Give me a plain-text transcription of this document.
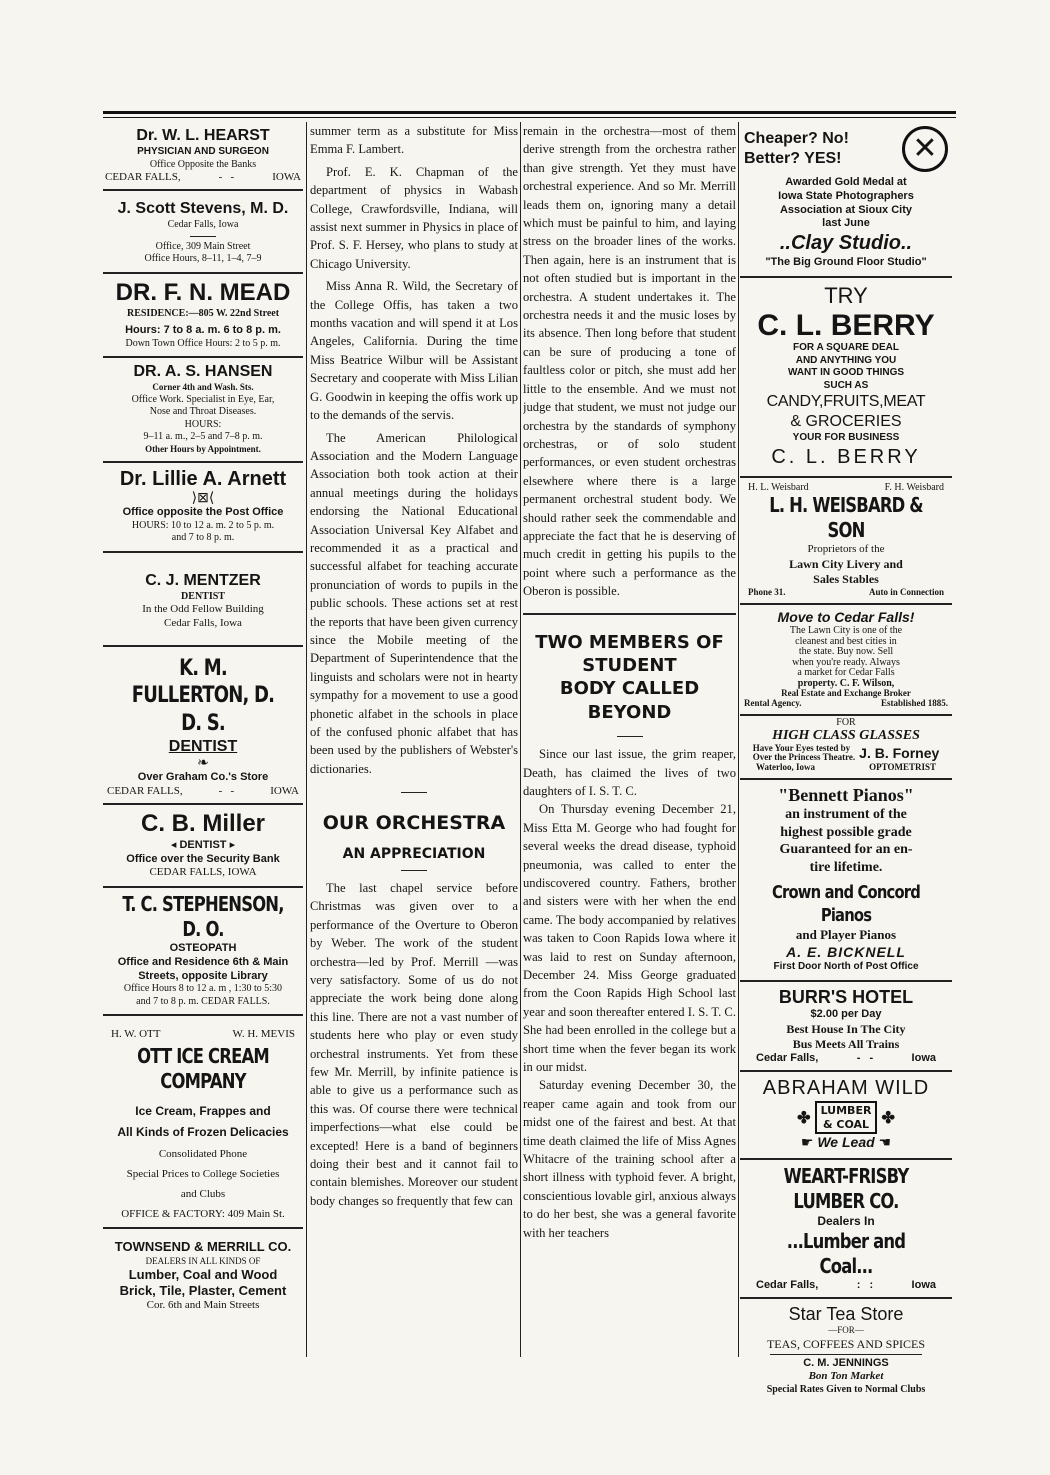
Dr. W. L. HEARST
PHYSICIAN AND SURGEON
Office Opposite the Banks
CEDAR FALLS,	-   -	IOWA
J. Scott Stevens, M. D.
Cedar Falls, Iowa
Office, 309 Main Street
Office Hours, 8–11, 1–4, 7–9
DR. F. N. MEAD
RESIDENCE:—805 W. 22nd Street
Hours: 7 to 8 a. m. 6 to 8 p. m.
Down Town Office Hours: 2 to 5 p. m.
DR. A. S. HANSEN
Corner 4th and Wash. Sts.
Office Work. Specialist in Eye, Ear,
Nose and Throat Diseases.
HOURS:
9–11 a. m., 2–5 and 7–8 p. m.
Other Hours by Appointment.
Dr. Lillie A. Arnett
⟩⊠⟨
Office opposite the Post Office
HOURS: 10 to 12 a. m. 2 to 5 p. m.
and 7 to 8 p. m.
C. J. MENTZER
DENTIST
In the Odd Fellow Building
Cedar Falls, Iowa
K. M. FULLERTON, D. D. S.
DENTIST
❧
Over Graham Co.'s Store
CEDAR FALLS,	-   -	IOWA
C. B. Miller
◂ DENTIST ▸
Office over the Security Bank
CEDAR FALLS, IOWA
T. C. STEPHENSON, D. O.
OSTEOPATH
Office and Residence 6th & Main
Streets, opposite Library
Office Hours 8 to 12 a. m , 1:30 to 5:30
and 7 to 8 p. m. CEDAR FALLS.
H. W. OTT	W. H. MEVIS
OTT ICE CREAM COMPANY
Ice Cream, Frappes and
All Kinds of Frozen Delicacies
Consolidated Phone
Special Prices to College Societies
and Clubs
OFFICE & FACTORY: 409 Main St.
TOWNSEND & MERRILL CO.
DEALERS IN ALL KINDS OF
Lumber, Coal and Wood
Brick, Tile, Plaster, Cement
Cor. 6th and Main Streets

summer term as a substitute for Miss Emma F. Lambert.

Prof. E. K. Chapman of the department of physics in Wabash College, Crawfordsville, Indiana, will assist next summer in Physics in place of Prof. S. F. Hersey, who plans to study at Chicago University.

Miss Anna R. Wild, the Secretary of the College Offis, has taken a two months vacation and will spend it at Los Angeles, California. During the time Miss Beatrice Wilbur will be Assistant Secretary and cooperate with Miss Lilian G. Goodwin in keeping the offis work up to the demands of the servis.

The American Philological Association and the Modern Language Association both took action at their annual meetings during the holidays endorsing the National Educational Association Universal Key Alfabet and recommended it as a practical and successful alfabet for teaching accurate pronunciation of words to pupils in the public schools. These actions set at rest the reports that have been given currency since the Mobile meeting of the Department of Superintendence that the linguists and scholars were not in hearty sympathy for a movement to use a good phonetic alfabet in the schools in place of the confused phonic alfabet that has been used by the publishers of Webster's dictionaries.

OUR ORCHESTRA
AN APPRECIATION

The last chapel service before Christmas was given over to a performance of the Overture to Oberon by Weber. The work of the student orchestra—led by Prof. Merrill —was very satisfactory. Some of us do not appreciate the work being done along this line. There are not a vast number of students here who play or even study orchestral instruments. Yet from these few Mr. Merrill, by infinite patience is able to give us a performance such as this was. Of course there were technical imperfections—what else could be excepted! Here is a band of beginners doing their best and it cannot fail to contain blemishes. Moreover our student body changes so frequently that few can

remain in the orchestra—most of them derive strength from the orchestra rather than give strength. Yet they must have orchestral experience. And so Mr. Merrill leads them on, ignoring many a detail which must be painful to him, and laying stress on the broader lines of the works. Then again, here is an instrument that is not often studied but is important in the orchestra. A student undertakes it. The orchestra needs it and the music loses by its absence. Then long before that student can be sure of producing a tone of faultless color or pitch, she must add her little to the ensemble. And we must not judge that student, we must not judge our orchestra by the standards of symphony orchestras, or of solo student performances, or even student orchestras elsewhere where there is a large permanent orchestral student body. We should rather seek the commendable and appreciate the fact that he is deserving of much credit in getting his pupils to the point where such a performance as the Oberon is possible.

TWO MEMBERS OF STUDENT
BODY CALLED BEYOND

Since our last issue, the grim reaper, Death, has claimed the lives of two daughters of I. S. T. C.

On Thursday evening December 21, Miss Etta M. George who had fought for several weeks the dread disease, typhoid pneumonia, was called to enter the undiscovered country. Fathers, brother and sisters were with her when the end came. The body accompanied by relatives was taken to Coon Rapids Iowa where it was laid to rest on Sunday afternoon, December 24. Miss George graduated from the Coon Rapids High School last year and soon thereafter entered I. S. T. C. She had been enrolled in the college but a short time when the fever began its work in our midst.

Saturday evening December 30, the reaper came again and took from our midst one of the fairest and best. At that time death claimed the life of Miss Agnes Whitacre of the training school after a short illness with typhoid fever. A bright, conscientious lovable girl, anxious always to do her best, she was a general favorite with her teachers

Cheaper? No!
Better? YES! ✕
Awarded Gold Medal at
Iowa State Photographers
Association at Sioux City
last June
..Clay Studio..
"The Big Ground Floor Studio"
TRY
C. L. BERRY
FOR A SQUARE DEAL
AND ANYTHING YOU
WANT IN GOOD THINGS
SUCH AS
CANDY,FRUITS,MEAT
& GROCERIES
YOUR FOR BUSINESS
C. L. BERRY
H. L. Weisbard	F. H. Weisbard
L. H. WEISBARD & SON
Proprietors of the
Lawn City Livery and
Sales Stables
Phone 31.	Auto in Connection
Move to Cedar Falls!
The Lawn City is one of the
cleanest and best cities in
the state. Buy now. Sell
when you're ready. Always
a market for Cedar Falls
property. C. F. Wilson,
Real Estate and Exchange Broker
Rental Agency.	Established 1885.
FOR
HIGH CLASS GLASSES
Have Your Eyes tested by
Over the Princess Theatre. J. B. Forney
Waterloo, Iowa	OPTOMETRIST
"Bennett Pianos"
an instrument of the
highest possible grade
Guaranteed for an en-
tire lifetime.
Crown and Concord Pianos
and Player Pianos
A. E. BICKNELL
First Door North of Post Office
BURR'S HOTEL
$2.00 per Day
Best House In The City
Bus Meets All Trains
Cedar Falls,	-   -	Iowa
ABRAHAM WILD
✤ LUMBER
& COAL ✤
☛ We Lead ☚
WEART-FRISBY LUMBER CO.
Dealers In
...Lumber and Coal...
Cedar Falls,	:   :	Iowa
Star Tea Store
—FOR—
TEAS, COFFEES AND SPICES
C. M. JENNINGS
Bon Ton Market
Special Rates Given to Normal Clubs
